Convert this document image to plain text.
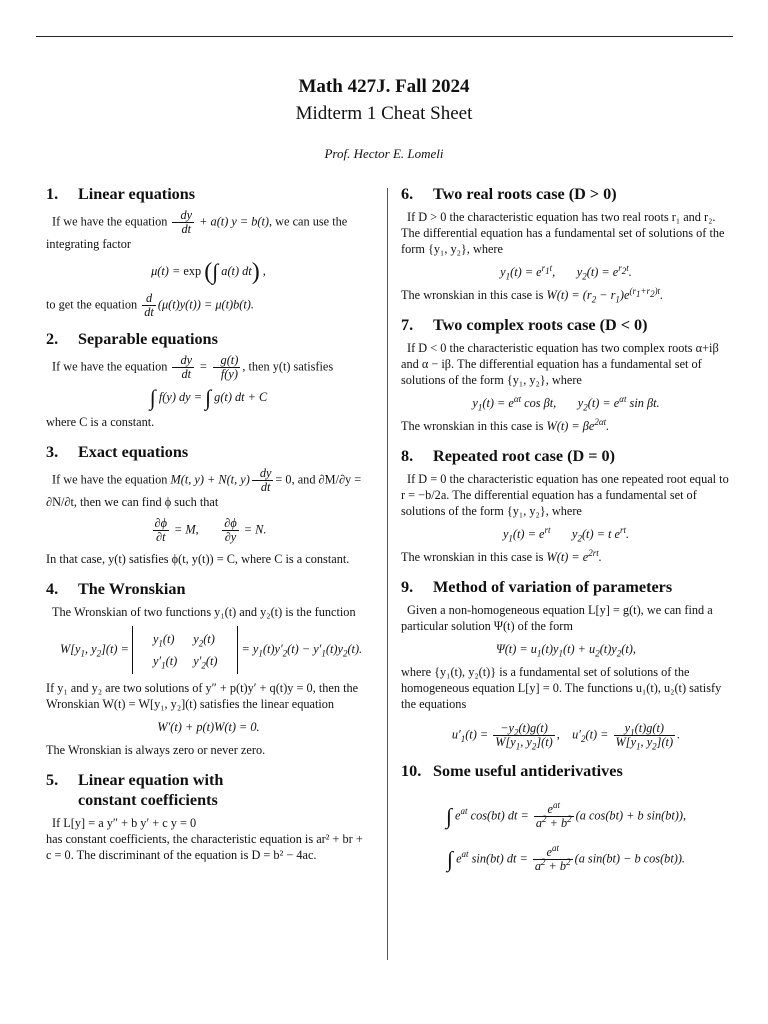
Math 427J. Fall 2024
Midterm 1 Cheat Sheet
Prof. Hector E. Lomeli
1.	Linear equations

If we have the equation $\frac{dy}{dt} + a(t) y = b(t)$, we can use the integrating factor

μ(t) = exp (∫ a(t) dt) ,

to get the equation $\frac{d}{dt} (\mu(t)y(t)) = \mu(t)b(t)$.

2.	Separable equations

If we have the equation $\frac{dy}{dt} = \frac{g(t)}{f(y)}$ , then y(t) satisfies

∫ f(y) dy = ∫ g(t) dt + C

where C is a constant.

3.	Exact equations

If we have the equation M(t, y) + N(t, $y) \frac{dy}{dt} = 0$, and ∂M/∂y = ∂N/∂t, then we can find ϕ such that

$\frac{\partial\phi}{\partial t} = M$, $\frac{\partial\phi}{\partial y} = N$.

In that case, y(t) satisfies ϕ(t, y(t)) = C, where C is a constant.

4.	The Wronskian

The Wronskian of two functions y₁(t) and y₂(t) is the function

$W[y_1$, $y_2](t)$ =
$y_1(t)$	$y_2(t)$
$y'_1(t)$	$y'_2(t)$
= $y_1(t)y'_2(t) - y'_1(t)y_2(t)$.

If y₁ and y₂ are two solutions of y″ + p(t)y′ + q(t)y = 0, then the Wronskian W(t) = W[y₁, y₂](t) satisfies the linear equation

W′(t) + p(t)W(t) = 0.

The Wronskian is always zero or never zero.

5.	Linear equation with
constant coefficients

If L[y] = a y″ + b y′ + c y = 0

has constant coefficients, the characteristic equation is ar² + br + c = 0. The discriminant of the equation is D = b² − 4ac.

6.	Two real roots case (D > 0)

If D > 0 the characteristic equation has two real roots r₁ and r₂. The differential equation has a fundamental set of solutions of the form {y₁, y₂}, where

$y_1(t) = e^{r_1t}$,       $y_2(t) = e^{r_2t}$.

The wronskian in this case is $W(t) = (r_2 - r_1)e^{(r_1+r_2)t}$.

7.	Two complex roots case (D < 0)

If D < 0 the characteristic equation has two complex roots α+iβ and α − iβ. The differential equation has a fundamental set of solutions of the form {y₁, y₂}, where

$y_1(t) = e^{\alpha t}$ cos βt,       $y_2(t) = e^{\alpha t}$ sin βt.

The wronskian in this case is $W(t) = \beta e^{2\alpha t}$.

8.	Repeated root case (D = 0)

If D = 0 the characteristic equation has one repeated root equal to r = −b/2a. The differential equation has a fundamental set of solutions of the form {y₁, y₂}, where

$y_1(t) = e^{rt}$       $y_2(t) = t$ $e^{rt}$.

The wronskian in this case is $W(t) = e^{2rt}$.

9.	Method of variation of parameters

Given a non-homogeneous equation L[y] = g(t), we can find a particular solution Ψ(t) of the form

$\Psi(t) = u_1(t)y_1(t) + u_2(t)y_2(t)$,

where {y₁(t), y₂(t)} is a fundamental set of solutions of the homogeneous equation L[y] = 0. The functions u₁(t), u₂(t) satisfy the equations

$u'_1(t) = \frac{-y_2(t)g(t)}{W[y_1, y_2](t)}$ ,    $u'_2(t) = \frac{y_1(t)g(t)}{W[y_1, y_2](t)}$ .
10. Some useful antiderivatives
∫ $e^{at}$ cos(bt) dt = $\frac{e^{at}}{a^2 + b^2} (a$ cos(bt) + b sin(bt)),
∫ $e^{at}$ sin(bt) dt = $\frac{e^{at}}{a^2 + b^2} (a$ sin(bt) − b cos(bt)).
